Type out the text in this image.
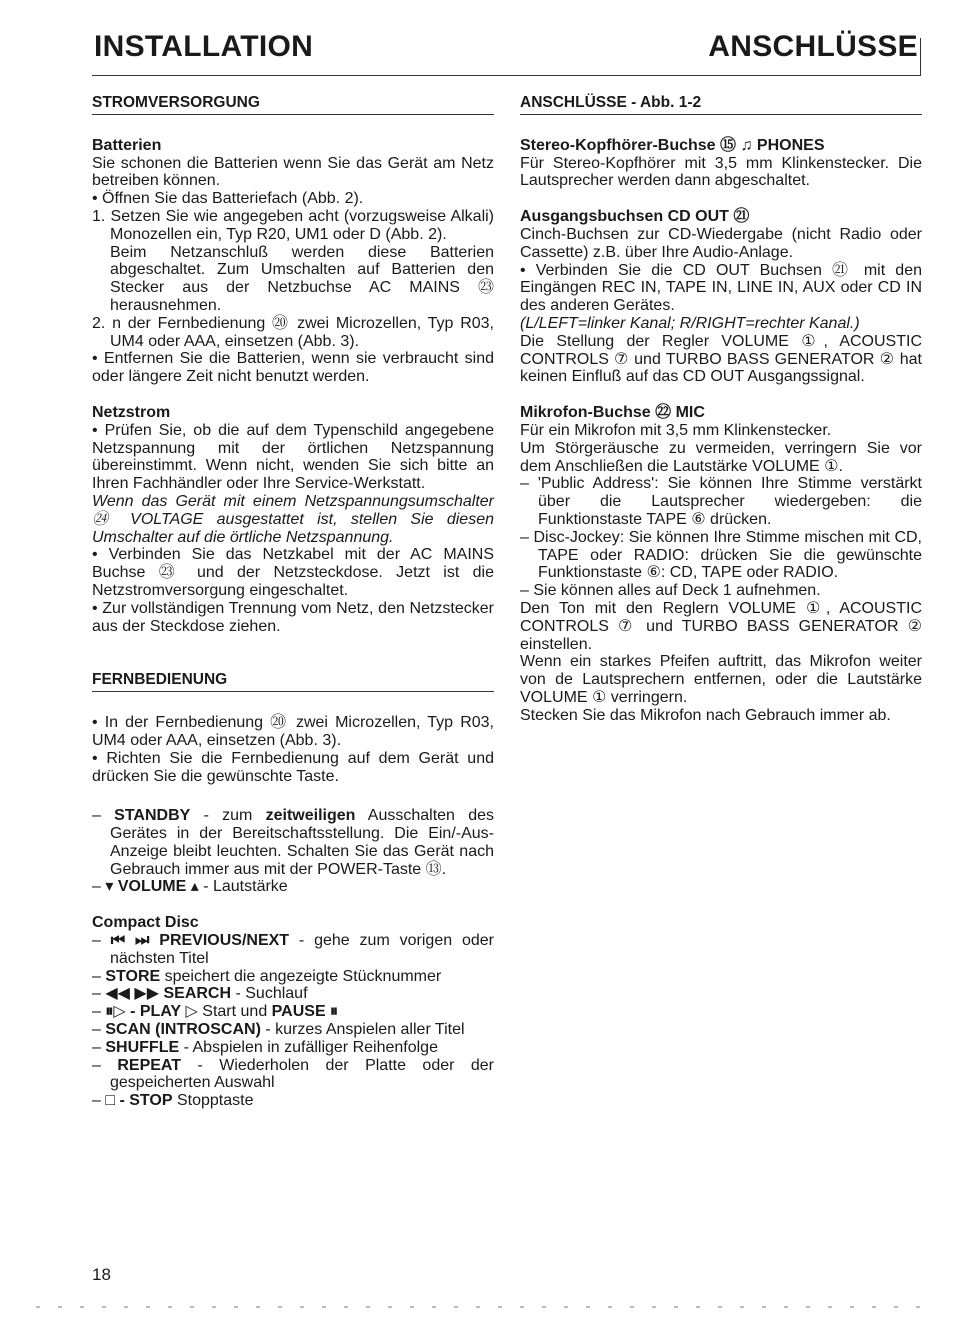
INSTALLATION	ANSCHLÜSSE
STROMVERSORGUNG
Batterien

Sie schonen die Batterien wenn Sie das Gerät am Netz betreiben können.

• Öffnen Sie das Batteriefach (Abb. 2).

1. Setzen Sie wie angegeben acht (vorzugsweise Alkali) Monozellen ein, Typ R20, UM1 oder D (Abb. 2).

Beim Netzanschluß werden diese Batterien abgeschaltet. Zum Umschalten auf Batterien den Stecker aus der Netzbuchse AC MAINS ㉓ herausnehmen.

2. n der Fernbedienung ⑳ zwei Microzellen, Typ R03, UM4 oder AAA, einsetzen (Abb. 3).

• Entfernen Sie die Batterien, wenn sie verbraucht sind oder längere Zeit nicht benutzt werden.

Netzstrom

• Prüfen Sie, ob die auf dem Typenschild angegebene Netzspannung mit der örtlichen Netzspannung übereinstimmt. Wenn nicht, wenden Sie sich bitte an Ihren Fachhändler oder Ihre Service-Werkstatt.

Wenn das Gerät mit einem Netzspannungsumschalter ㉔ VOLTAGE ausgestattet ist, stellen Sie diesen Umschalter auf die örtliche Netzspannung.

• Verbinden Sie das Netzkabel mit der AC MAINS Buchse ㉓ und der Netzsteckdose. Jetzt ist die Netzstromversorgung eingeschaltet.

• Zur vollständigen Trennung vom Netz, den Netzstecker aus der Steckdose ziehen.

FERNBEDIENUNG

• In der Fernbedienung ⑳ zwei Microzellen, Typ R03, UM4 oder AAA, einsetzen (Abb. 3).

• Richten Sie die Fernbedienung auf dem Gerät und drücken Sie die gewünschte Taste.

– STANDBY - zum zeitweiligen Ausschalten des Gerätes in der Bereitschaftsstellung. Die Ein/-Aus-Anzeige bleibt leuchten. Schalten Sie das Gerät nach Gebrauch immer aus mit der POWER-Taste ⑬.

– ▾ VOLUME ▴ - Lautstärke

Compact Disc

– ⏮ ⏭ PREVIOUS/NEXT - gehe zum vorigen oder nächsten Titel

– STORE speichert die angezeigte Stücknummer

– ◀◀ ▶▶ SEARCH - Suchlauf

– ⏸▷ - PLAY ▷ Start und PAUSE ⏸

– SCAN (INTROSCAN) - kurzes Anspielen aller Titel

– SHUFFLE - Abspielen in zufälliger Reihenfolge

– REPEAT - Wiederholen der Platte oder der gespeicherten Auswahl

– □ - STOP Stopptaste

ANSCHLÜSSE - Abb. 1-2
Stereo-Kopfhörer-Buchse ⑮ ♫ PHONES

Für Stereo-Kopfhörer mit 3,5 mm Klinkenstecker. Die Lautsprecher werden dann abgeschaltet.

Ausgangsbuchsen CD OUT ㉑

Cinch-Buchsen zur CD-Wiedergabe (nicht Radio oder Cassette) z.B. über Ihre Audio-Anlage.

• Verbinden Sie die CD OUT Buchsen ㉑ mit den Eingängen REC IN, TAPE IN, LINE IN, AUX oder CD IN des anderen Gerätes.

(L/LEFT=linker Kanal; R/RIGHT=rechter Kanal.)

Die Stellung der Regler VOLUME ①, ACOUSTIC CONTROLS ⑦ und TURBO BASS GENERATOR ② hat keinen Einfluß auf das CD OUT Ausgangssignal.

Mikrofon-Buchse ㉒ MIC

Für ein Mikrofon mit 3,5 mm Klinkenstecker.

Um Störgeräusche zu vermeiden, verringern Sie vor dem Anschließen die Lautstärke VOLUME ①.

– 'Public Address': Sie können Ihre Stimme verstärkt über die Lautsprecher wiedergeben: die Funktionstaste TAPE ⑥ drücken.

– Disc-Jockey: Sie können Ihre Stimme mischen mit CD, TAPE oder RADIO: drücken Sie die gewünschte Funktionstaste ⑥: CD, TAPE oder RADIO.

– Sie können alles auf Deck 1 aufnehmen.

Den Ton mit den Reglern VOLUME ①, ACOUSTIC CONTROLS ⑦ und TURBO BASS GENERATOR ② einstellen.

Wenn ein starkes Pfeifen auftritt, das Mikrofon weiter von de Lautsprechern entfernen, oder die Lautstärke VOLUME ① verringern.

Stecken Sie das Mikrofon nach Gebrauch immer ab.

18
